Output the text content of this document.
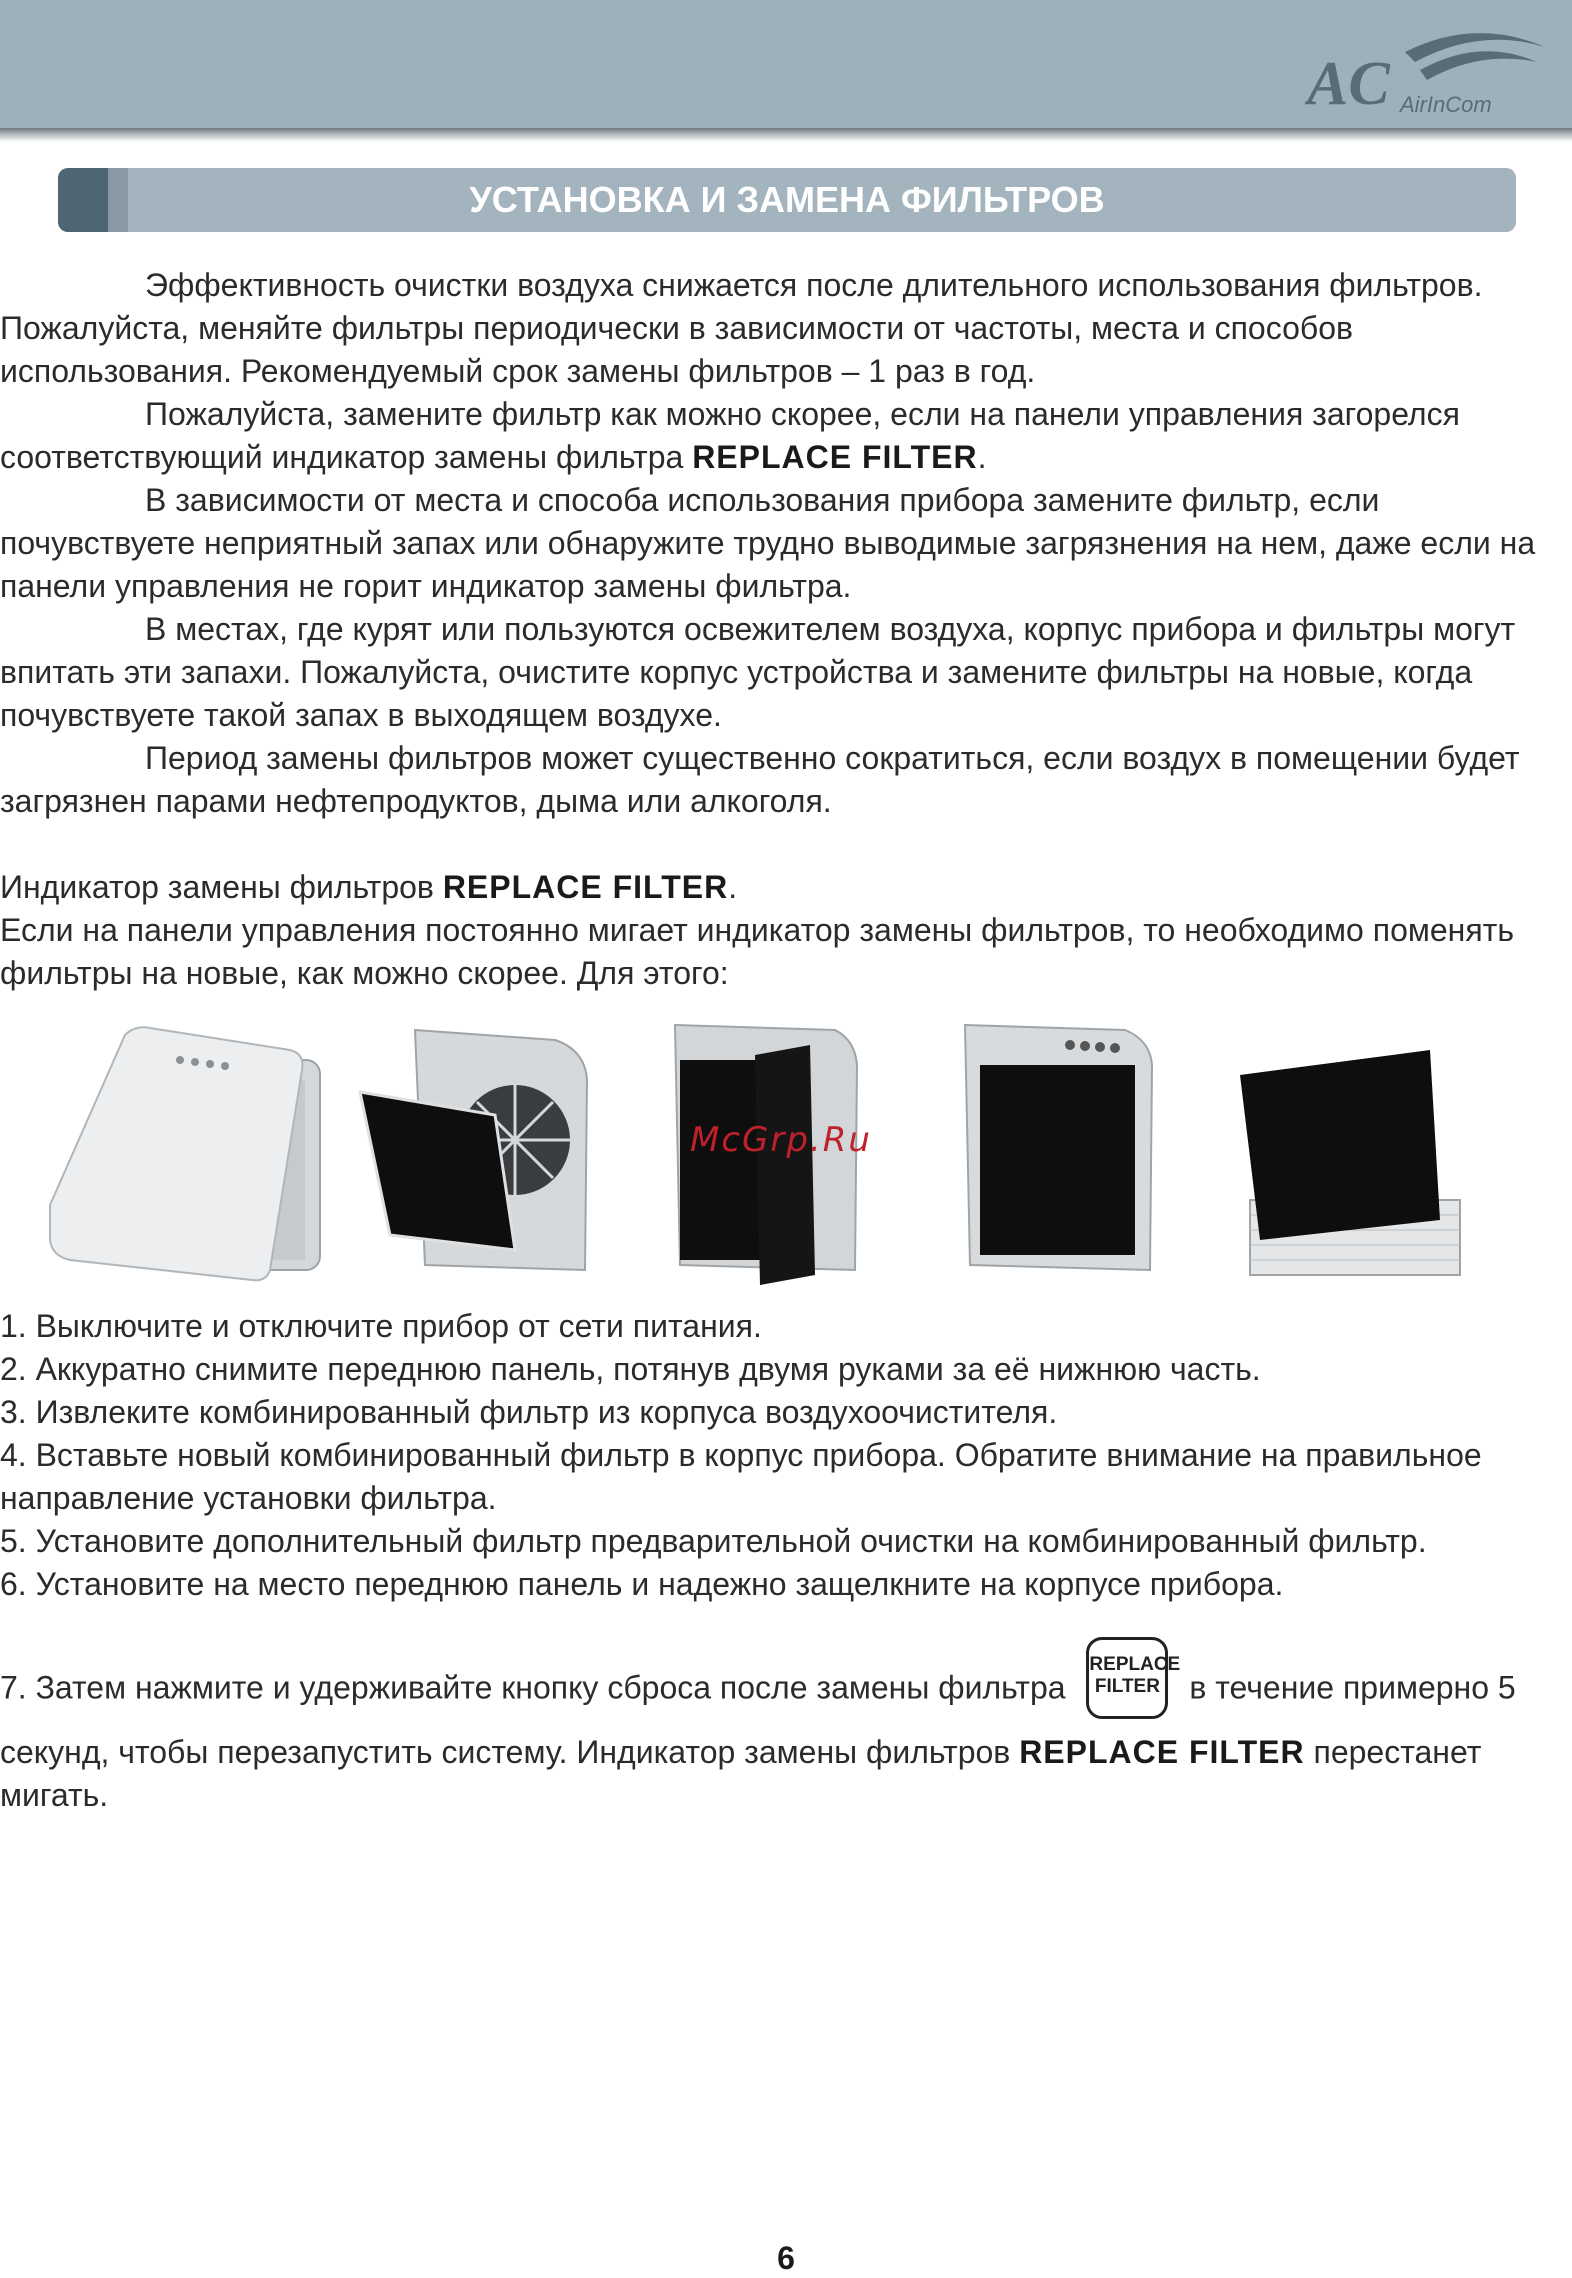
AC AirInCom
УСТАНОВКА И ЗАМЕНА ФИЛЬТРОВ

Эффективность очистки воздуха снижается после длительного использования фильтров. Пожалуйста, меняйте фильтры периодически в зависимости от частоты, места и способов использования. Рекомендуемый срок замены фильтров – 1 раз в год.

Пожалуйста, замените фильтр как можно скорее, если на панели управления загорелся соответствующий индикатор замены фильтра REPLACE FILTER.

В зависимости от места и способа использования прибора замените фильтр, если почувствуете неприятный запах или обнаружите трудно выводимые загрязнения на нем, даже если на панели управления не горит индикатор замены фильтра.

В местах, где курят или пользуются освежителем воздуха, корпус прибора и фильтры могут впитать эти запахи. Пожалуйста, очистите корпус устройства и замените фильтры на новые, когда почувствуете такой запах в выходящем воздухе.

Период замены фильтров может существенно сократиться, если воздух в помещении будет загрязнен парами нефтепродуктов, дыма или алкоголя.

Индикатор замены фильтров REPLACE FILTER.

Если на панели управления постоянно мигает индикатор замены фильтров, то необходимо поменять фильтры на новые, как можно скорее. Для этого:

McGrp.Ru

1. Выключите и отключите прибор от сети питания.

2. Аккуратно снимите переднюю панель, потянув двумя руками за её нижнюю часть.

3. Извлеките комбинированный фильтр из корпуса воздухоочистителя.

4. Вставьте новый комбинированный фильтр в корпус прибора. Обратите внимание на правильное направление установки фильтра.

5. Установите дополнительный фильтр предварительной очистки на комбинированный фильтр.

6. Установите на место переднюю панель и надежно защелкните на корпусе прибора.

7. Затем нажмите и удерживайте кнопку сброса после замены фильтра REPLACE
FILTER в течение примерно 5 секунд, чтобы перезапустить систему. Индикатор замены фильтров REPLACE FILTER перестанет мигать.

6
